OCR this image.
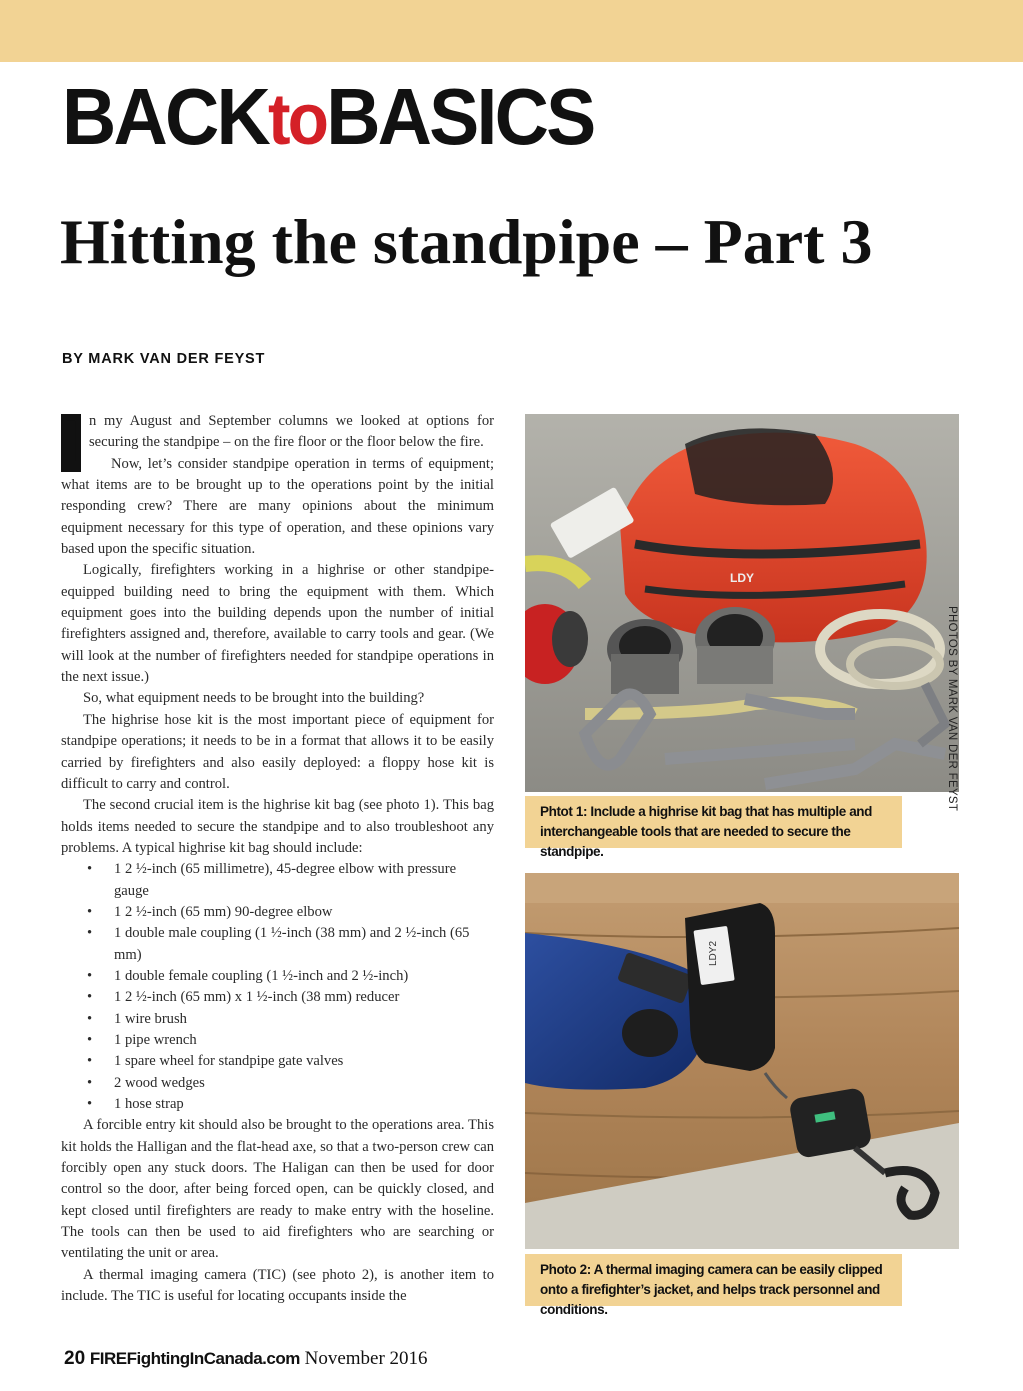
BACKtoBASICS
Hitting the standpipe – Part 3
BY MARK VAN DER FEYST
I n my August and September columns we looked at options for securing the standpipe – on the fire floor or the floor below the fire.

Now, let’s consider standpipe operation in terms of equipment; what items are to be brought up to the operations point by the initial responding crew? There are many opinions about the minimum equipment necessary for this type of operation, and these opinions vary based upon the specific situation.

Logically, firefighters working in a highrise or other standpipe-equipped building need to bring the equipment with them. Which equipment goes into the building depends upon the number of initial firefighters assigned and, therefore, available to carry tools and gear. (We will look at the number of firefighters needed for standpipe operations in the next issue.)

So, what equipment needs to be brought into the building?

The highrise hose kit is the most important piece of equipment for standpipe operations; it needs to be in a format that allows it to be easily carried by firefighters and also easily deployed: a floppy hose kit is difficult to carry and control.

The second crucial item is the highrise kit bag (see photo 1). This bag holds items needed to secure the standpipe and to also troubleshoot any problems. A typical highrise kit bag should include:

• 1 2 ½-inch (65 millimetre), 45-degree elbow with pressure gauge
• 1 2 ½-inch (65 mm) 90-degree elbow
• 1 double male coupling (1 ½-inch (38 mm) and 2 ½-inch (65 mm)
• 1 double female coupling (1 ½-inch and 2 ½-inch)
• 1 2 ½-inch (65 mm) x 1 ½-inch (38 mm) reducer
• 1 wire brush
• 1 pipe wrench
• 1 spare wheel for standpipe gate valves
• 2 wood wedges
• 1 hose strap

A forcible entry kit should also be brought to the operations area. This kit holds the Halligan and the flat-head axe, so that a two-person crew can forcibly open any stuck doors. The Haligan can then be used for door control so the door, after being forced open, can be quickly closed, and kept closed until firefighters are ready to make entry with the hoseline. The tools can then be used to aid firefighters who are searching or ventilating the unit or area.

A thermal imaging camera (TIC) (see photo 2), is another item to include. The TIC is useful for locating occupants inside the

LDY
Phtot 1: Include a highrise kit bag that has multiple and interchangeable tools that are needed to secure the standpipe.
PHOTOS BY MARK VAN DER FEYST
LDY2
Photo 2: A thermal imaging camera can be easily clipped onto a firefighter’s jacket, and helps track personnel and conditions.
20 FIREFightingInCanada.com November 2016
